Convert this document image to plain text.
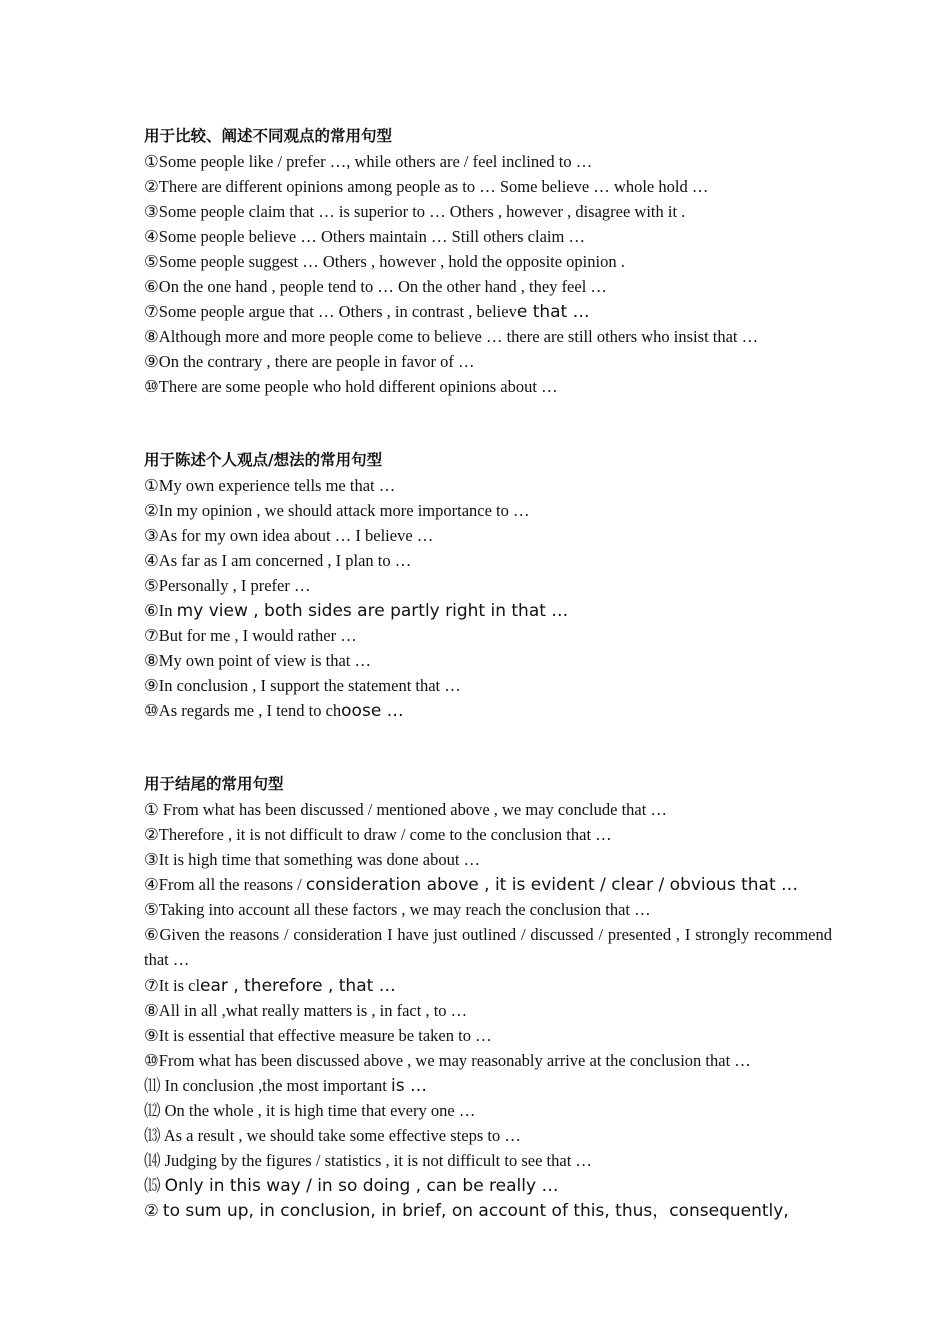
用于比较、阐述不同观点的常用句型
①Some people like / prefer …, while others are / feel inclined to …
②There are different opinions among people as to … Some believe … whole hold …
③Some people claim that … is superior to … Others , however , disagree with it .
④Some people believe … Others maintain … Still others claim …
⑤Some people suggest … Others , however , hold the opposite opinion .
⑥On the one hand , people tend to … On the other hand , they feel …
⑦Some people argue that … Others , in contrast , believe that …
⑧Although more and more people come to believe … there are still others who insist that …
⑨On the contrary , there are people in favor of …
⑩There are some people who hold different opinions about …
用于陈述个人观点/想法的常用句型
①My own experience tells me that …
②In my opinion , we should attack more importance to …
③As for my own idea about … I believe …
④As far as I am concerned , I plan to …
⑤Personally , I prefer …
⑥In my view , both sides are partly right in that …
⑦But for me , I would rather …
⑧My own point of view is that …
⑨In conclusion , I support the statement that …
⑩As regards me , I tend to choose …
用于结尾的常用句型
① From what has been discussed / mentioned above , we may conclude that …
②Therefore , it is not difficult to draw / come to the conclusion that …
③It is high time that something was done about …
④From all the reasons / consideration above , it is evident / clear / obvious that …
⑤Taking into account all these factors , we may reach the conclusion that …
⑥Given the reasons / consideration I have just outlined / discussed / presented , I strongly recommend that …
⑦It is clear , therefore , that …
⑧All in all ,what really matters is , in fact , to …
⑨It is essential that effective measure be taken to …
⑩From what has been discussed above , we may reasonably arrive at the conclusion that …
⑾ In conclusion ,the most important is …
⑿ On the whole , it is high time that every one …
⒀ As a result , we should take some effective steps to …
⒁ Judging by the figures / statistics , it is not difficult to see that …
⒂ Only in this way / in so doing , can be really …
② to sum up, in conclusion, in brief, on account of this, thus，consequently,
